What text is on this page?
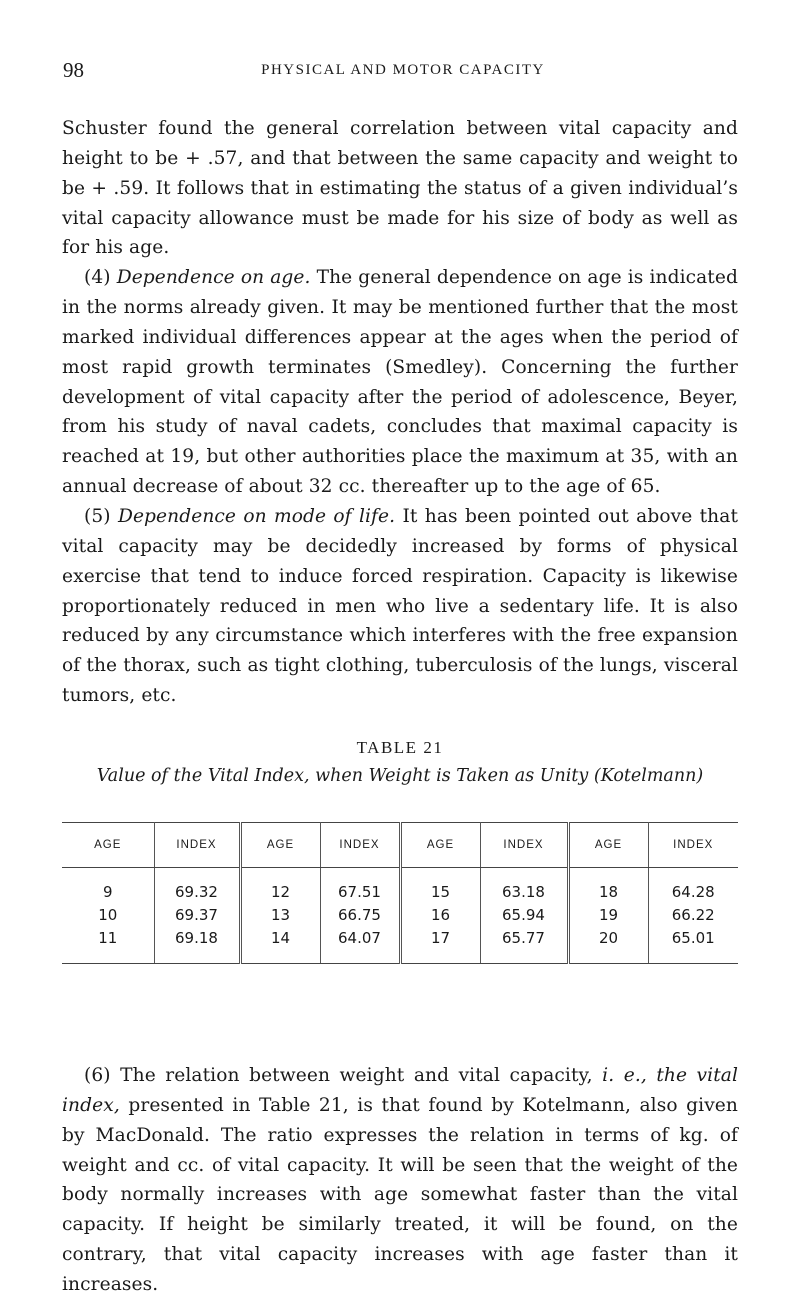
98	PHYSICAL AND MOTOR CAPACITY

Schuster found the general correlation between vital capacity and height to be + .57, and that between the same capacity and weight to be + .59. It follows that in estimating the status of a given individual’s vital capacity allowance must be made for his size of body as well as for his age.

(4) Dependence on age. The general dependence on age is indicated in the norms already given. It may be mentioned further that the most marked individual differences appear at the ages when the period of most rapid growth terminates (Smedley). Concerning the further development of vital capacity after the period of adolescence, Beyer, from his study of naval cadets, concludes that maximal capacity is reached at 19, but other authorities place the maximum at 35, with an annual decrease of about 32 cc. thereafter up to the age of 65.

(5) Dependence on mode of life. It has been pointed out above that vital capacity may be decidedly increased by forms of physical exercise that tend to induce forced respiration. Capacity is likewise proportionately reduced in men who live a sedentary life. It is also reduced by any circumstance which interferes with the free expansion of the thorax, such as tight clothing, tuberculosis of the lungs, visceral tumors, etc.

TABLE 21
Value of the Vital Index, when Weight is Taken as Unity (Kotelmann)
AGE	INDEX	AGE	INDEX	AGE	INDEX	AGE	INDEX
9	69.32	12	67.51	15	63.18	18	64.28
10	69.37	13	66.75	16	65.94	19	66.22
11	69.18	14	64.07	17	65.77	20	65.01

(6) The relation between weight and vital capacity, i. e., the vital index, presented in Table 21, is that found by Kotelmann, also given by MacDonald. The ratio expresses the relation in terms of kg. of weight and cc. of vital capacity. It will be seen that the weight of the body normally increases with age somewhat faster than the vital capacity. If height be similarly treated, it will be found, on the contrary, that vital capacity increases with age faster than it increases.
